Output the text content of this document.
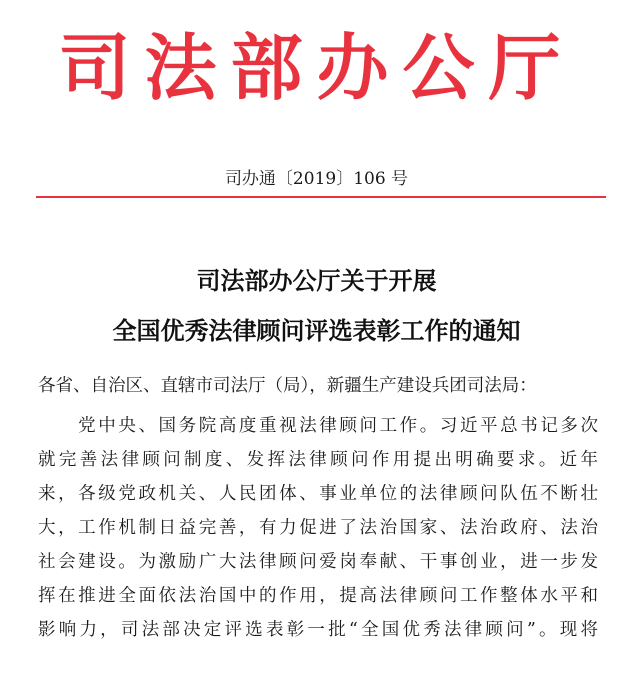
司法部办公厅
司办通〔2019〕106 号
司法部办公厅关于开展
全国优秀法律顾问评选表彰工作的通知
各省、自治区、直辖市司法厅（局），新疆生产建设兵团司法局：
　　党中央、国务院高度重视法律顾问工作。习近平总书记多次
就完善法律顾问制度、发挥法律顾问作用提出明确要求。近年
来，各级党政机关、人民团体、事业单位的法律顾问队伍不断壮
大，工作机制日益完善，有力促进了法治国家、法治政府、法治
社会建设。为激励广大法律顾问爱岗奉献、干事创业，进一步发
挥在推进全面依法治国中的作用，提高法律顾问工作整体水平和
影响力，司法部决定评选表彰一批“全国优秀法律顾问”。现将
